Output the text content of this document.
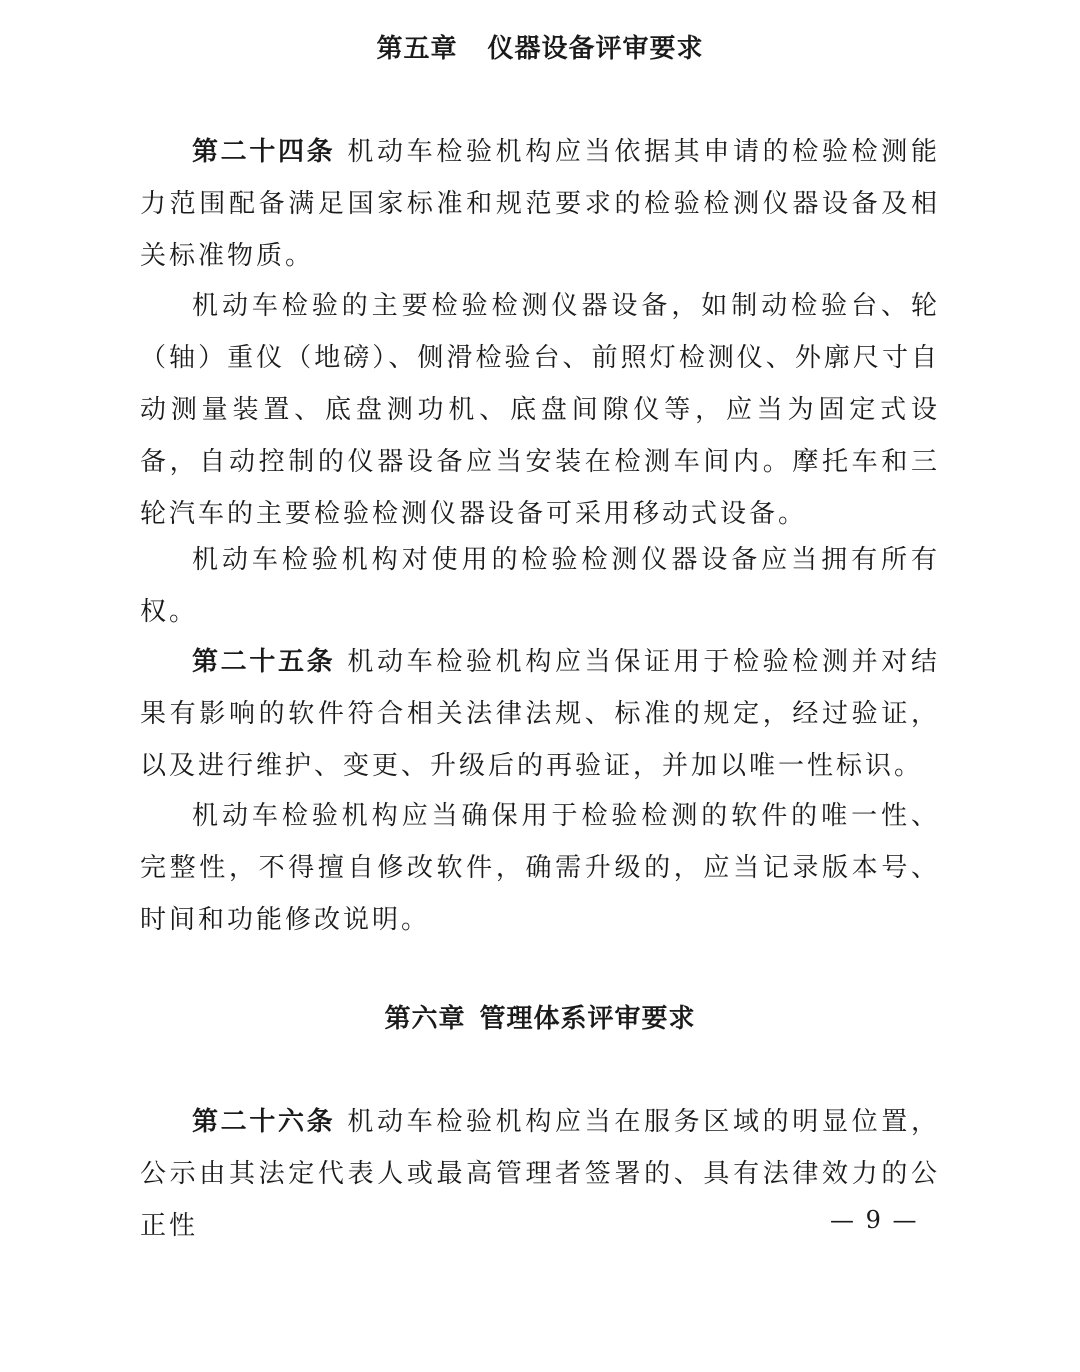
第五章 仪器设备评审要求

第二十四条 机动车检验机构应当依据其申请的检验检测能力范围配备满足国家标准和规范要求的检验检测仪器设备及相关标准物质。

机动车检验的主要检验检测仪器设备，如制动检验台、轮（轴）重仪（地磅）、侧滑检验台、前照灯检测仪、外廓尺寸自动测量装置、底盘测功机、底盘间隙仪等，应当为固定式设备，自动控制的仪器设备应当安装在检测车间内。摩托车和三轮汽车的主要检验检测仪器设备可采用移动式设备。

机动车检验机构对使用的检验检测仪器设备应当拥有所有权。

第二十五条 机动车检验机构应当保证用于检验检测并对结果有影响的软件符合相关法律法规、标准的规定，经过验证，以及进行维护、变更、升级后的再验证，并加以唯一性标识。

机动车检验机构应当确保用于检验检测的软件的唯一性、完整性，不得擅自修改软件，确需升级的，应当记录版本号、时间和功能修改说明。

第六章 管理体系评审要求

第二十六条 机动车检验机构应当在服务区域的明显位置，公示由其法定代表人或最高管理者签署的、具有法律效力的公正性	— 9 —
